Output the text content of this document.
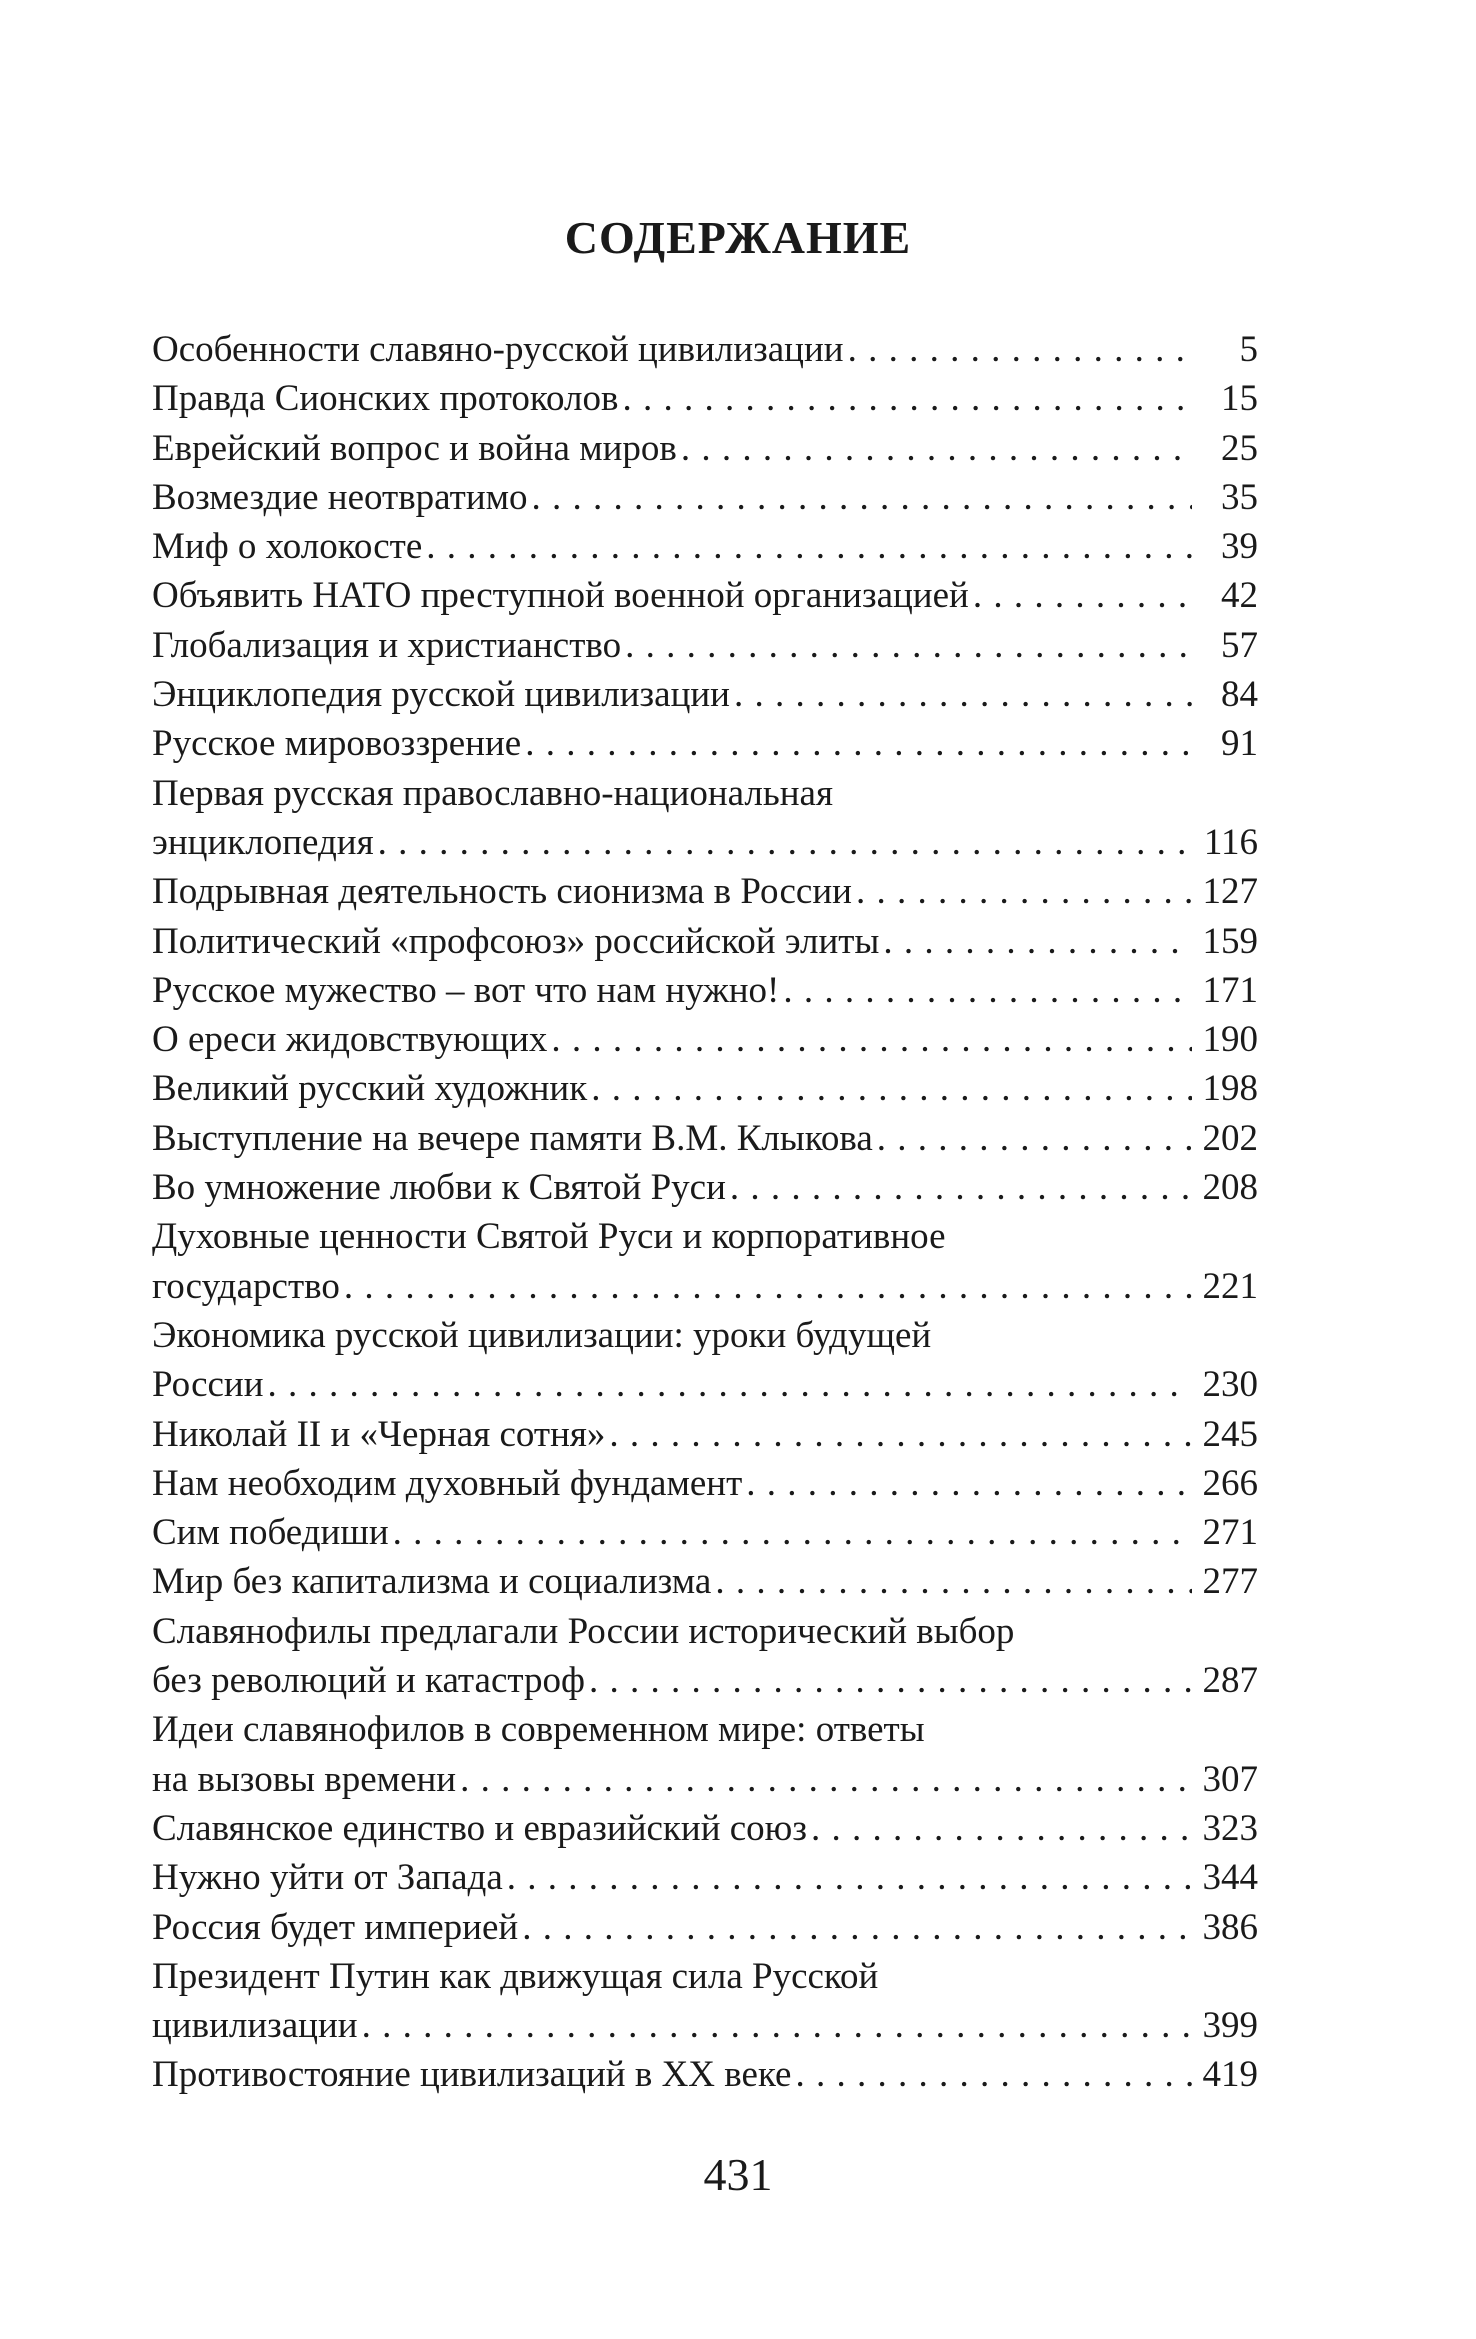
СОДЕРЖАНИЕ
Особенности славяно-русской цивилизации . . .	5
Правда Сионских протоколов . . .	15
Еврейский вопрос и война миров . . .	25
Возмездие неотвратимо . . .	35
Миф о холокосте . . .	39
Объявить НАТО преступной военной организацией . . .	42
Глобализация и христианство . . .	57
Энциклопедия русской цивилизации . . .	84
Русское мировоззрение . . .	91
Первая русская православно-национальная
энциклопедия . . .	116
Подрывная деятельность сионизма в России . . .	127
Политический «профсоюз» российской элиты . . .	159
Русское мужество – вот что нам нужно! . . .	171
О ереси жидовствующих . . .	190
Великий русский художник . . .	198
Выступление на вечере памяти В.М. Клыкова . . .	202
Во умножение любви к Святой Руси . . .	208
Духовные ценности Святой Руси и корпоративное
государство . . .	221
Экономика русской цивилизации: уроки будущей
России . . .	230
Николай II и «Черная сотня» . . .	245
Нам необходим духовный фундамент . . .	266
Сим победиши . . .	271
Мир без капитализма и социализма . . .	277
Славянофилы предлагали России исторический выбор
без революций и катастроф . . .	287
Идеи славянофилов в современном мире: ответы
на вызовы времени . . .	307
Славянское единство и евразийский союз . . .	323
Нужно уйти от Запада . . .	344
Россия будет империей . . .	386
Президент Путин как движущая сила Русской
цивилизации . . .	399
Противостояние цивилизаций в XX веке . . .	419
431
